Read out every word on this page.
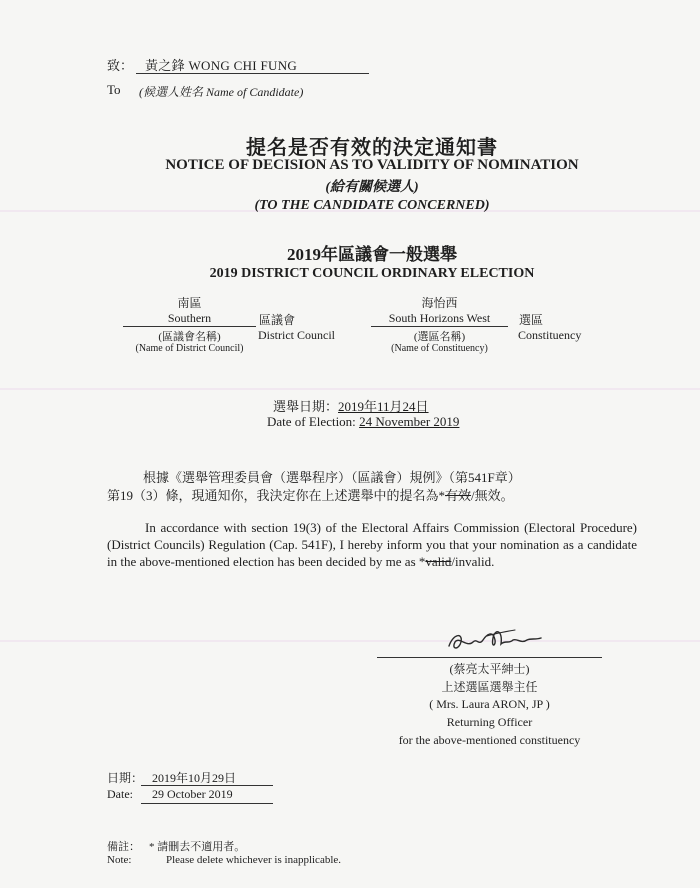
致： 黃之鋒 WONG CHI FUNG
To (候選人姓名 Name of Candidate)
提名是否有效的決定通知書
NOTICE OF DECISION AS TO VALIDITY OF NOMINATION
(給有關候選人)
(TO THE CANDIDATE CONCERNED)
2019年區議會一般選舉
2019 DISTRICT COUNCIL ORDINARY ELECTION
南區
Southern
(區議會名稱)
(Name of District Council)
區議會
District Council
海怡西
South Horizons West
(選區名稱)
(Name of Constituency)
選區
Constituency
選舉日期：2019年11月24日
Date of Election: 24 November 2019
根據《選舉管理委員會（選舉程序）（區議會）規例》（第541F章）
第19（3）條，現通知你，我決定你在上述選舉中的提名為*有效/無效。
In accordance with section 19(3) of the Electoral Affairs Commission (Electoral Procedure) (District Councils) Regulation (Cap. 541F), I hereby inform you that your nomination as a candidate in the above-mentioned election has been decided by me as *valid/invalid.
(蔡亮太平紳士)
上述選區選舉主任
( Mrs. Laura ARON, JP )
Returning Officer
for the above-mentioned constituency
日期： 2019年10月29日
Date: 29 October 2019
備註： * 請刪去不適用者。
Note:	Please delete whichever is inapplicable.
